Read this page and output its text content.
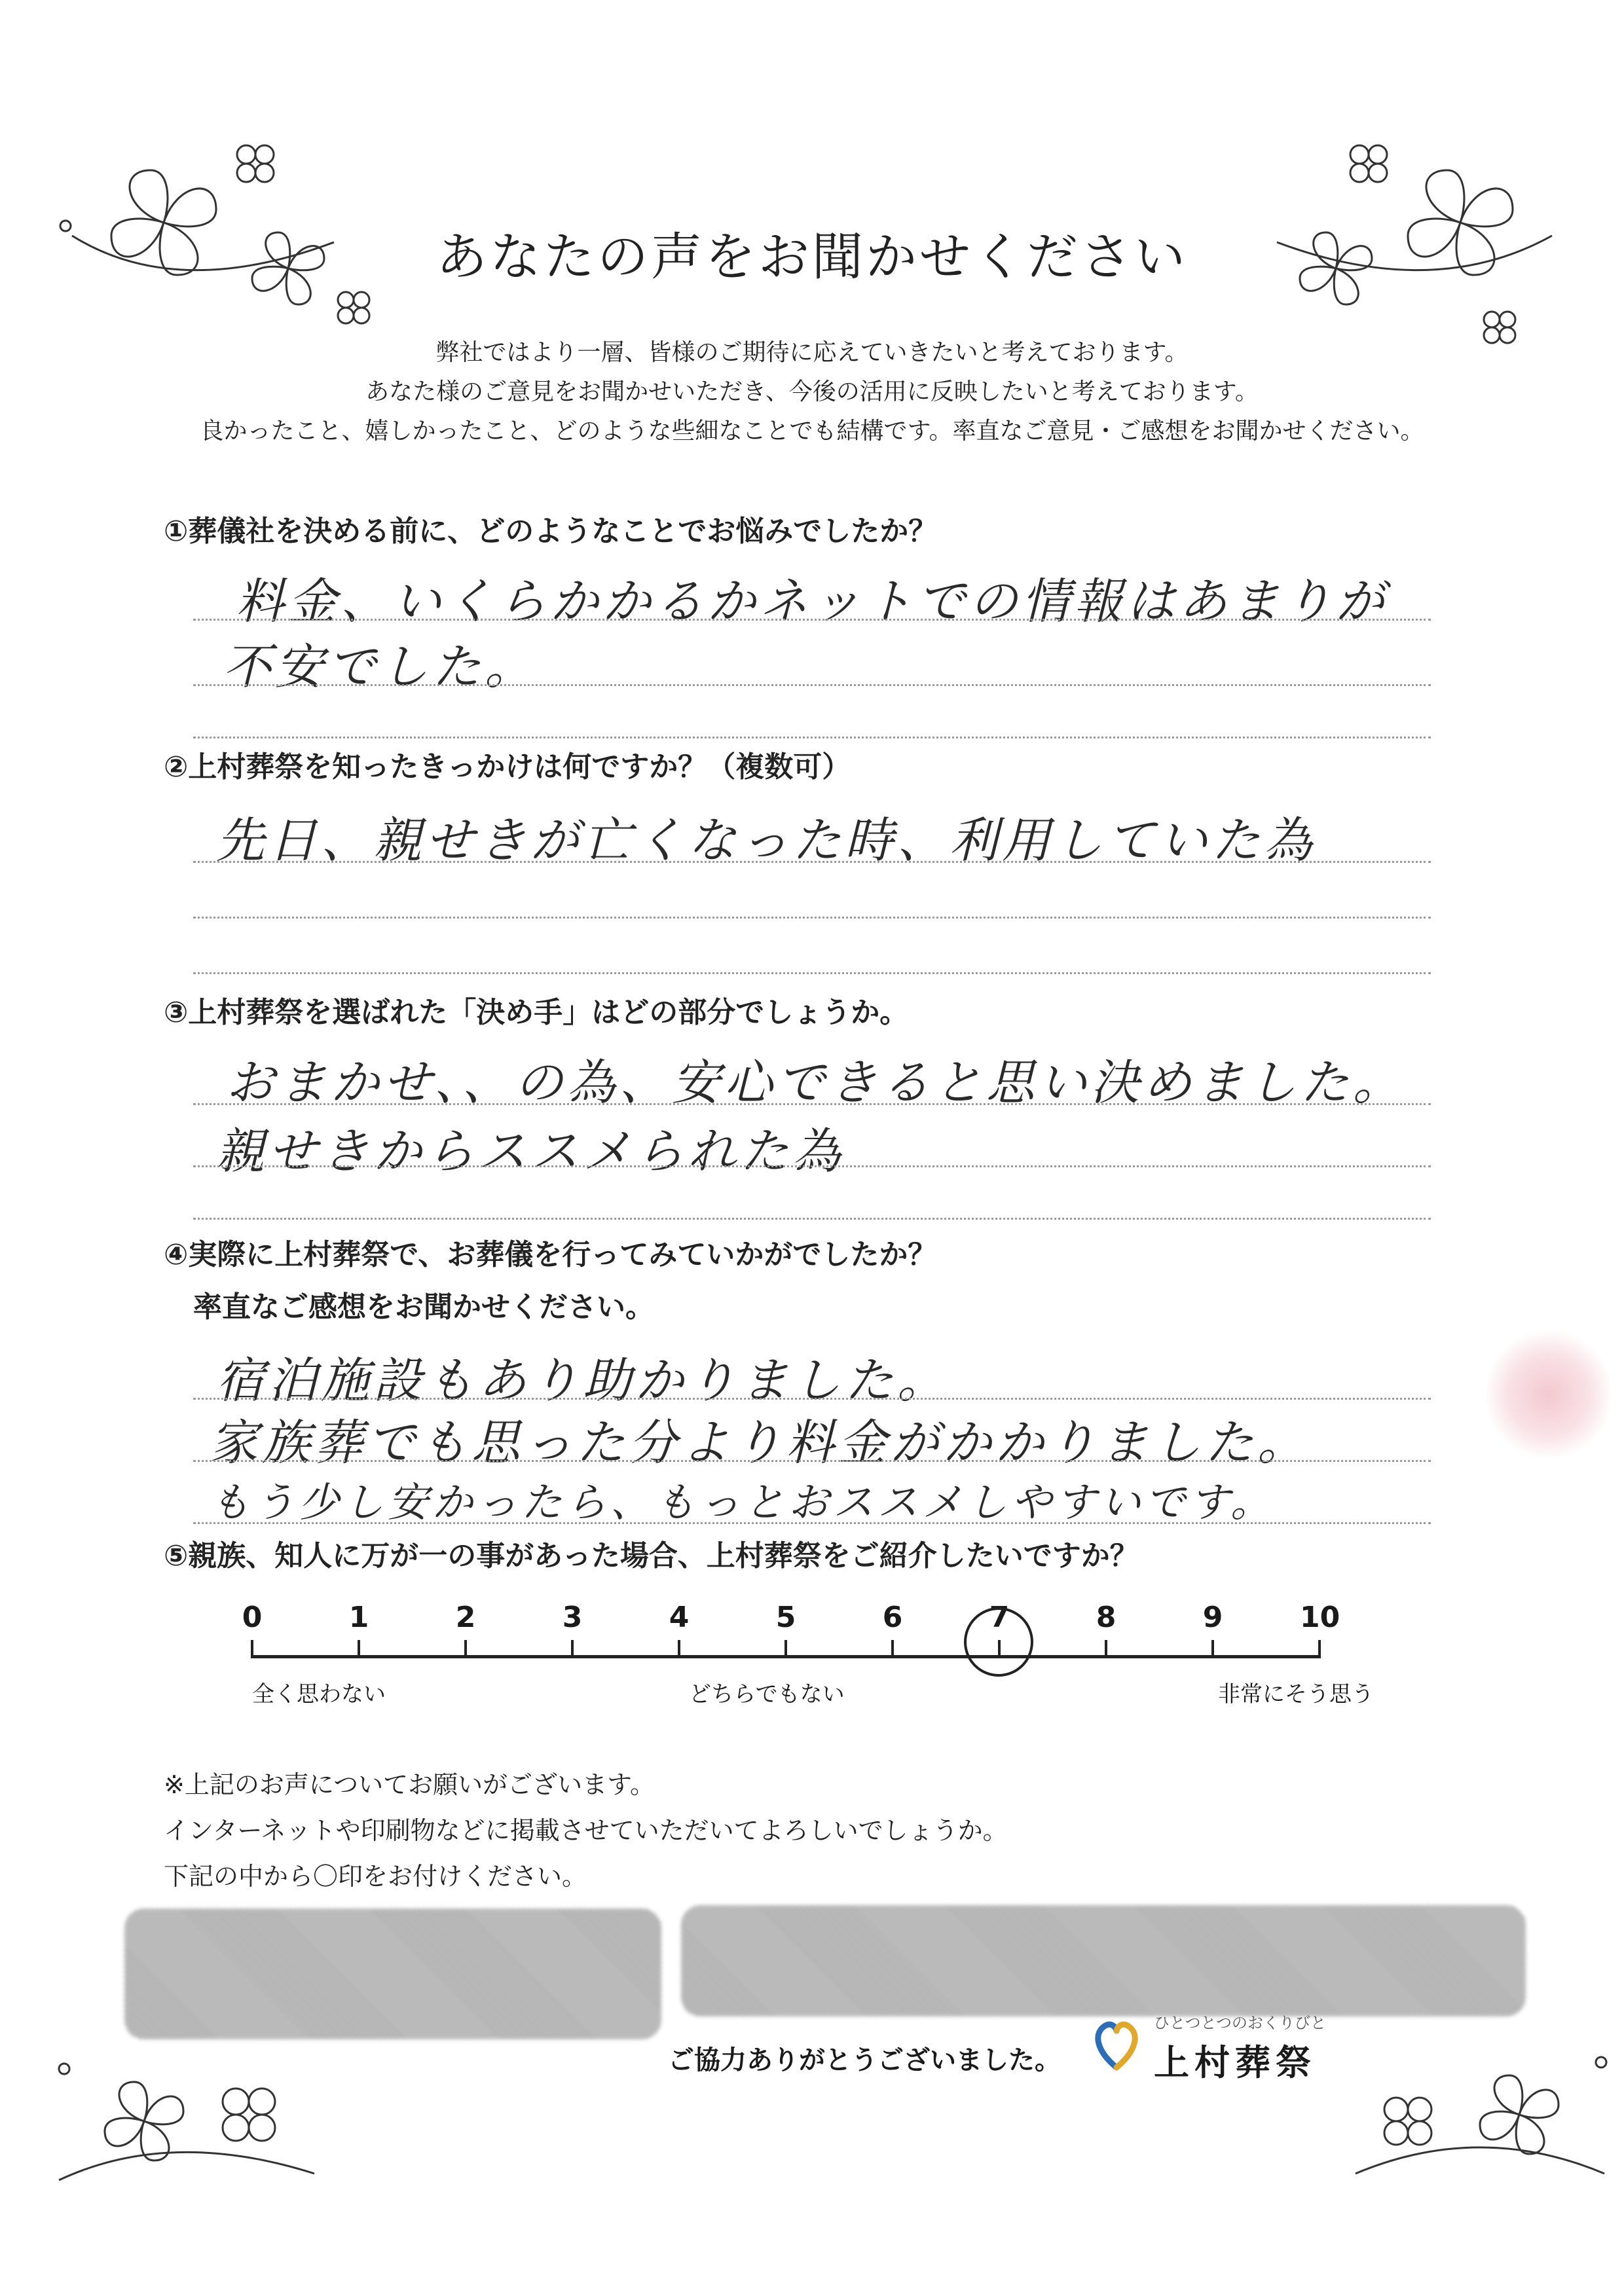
あなたの声をお聞かせください
弊社ではより一層、皆様のご期待に応えていきたいと考えております。
あなた様のご意見をお聞かせいただき、今後の活用に反映したいと考えております。
良かったこと、嬉しかったこと、どのような些細なことでも結構です。率直なご意見・ご感想をお聞かせください。
①葬儀社を決める前に、どのようなことでお悩みでしたか？
料金、いくらかかるかネットでの情報はあまりが
不安でした。
②上村葬祭を知ったきっかけは何ですか？（複数可）
先日、親せきが亡くなった時、利用していた為
③上村葬祭を選ばれた「決め手」はどの部分でしょうか。
おまかせ、、の為、安心できると思い決めました。
親せきからススメられた為
④実際に上村葬祭で、お葬儀を行ってみていかがでしたか？
率直なご感想をお聞かせください。
宿泊施設もあり助かりました。
家族葬でも思った分より料金がかかりました。
もう少し安かったら、もっとおススメしやすいです。
⑤親族、知人に万が一の事があった場合、上村葬祭をご紹介したいですか？
0	1	2	3	4	5	6	7	8	9	10
全く思わない	どちらでもない	非常にそう思う
※上記のお声についてお願いがございます。
インターネットや印刷物などに掲載させていただいてよろしいでしょうか。
下記の中から〇印をお付けください。
ご協力ありがとうございました。
ひとつとつのおくりびと
上村葬祭
